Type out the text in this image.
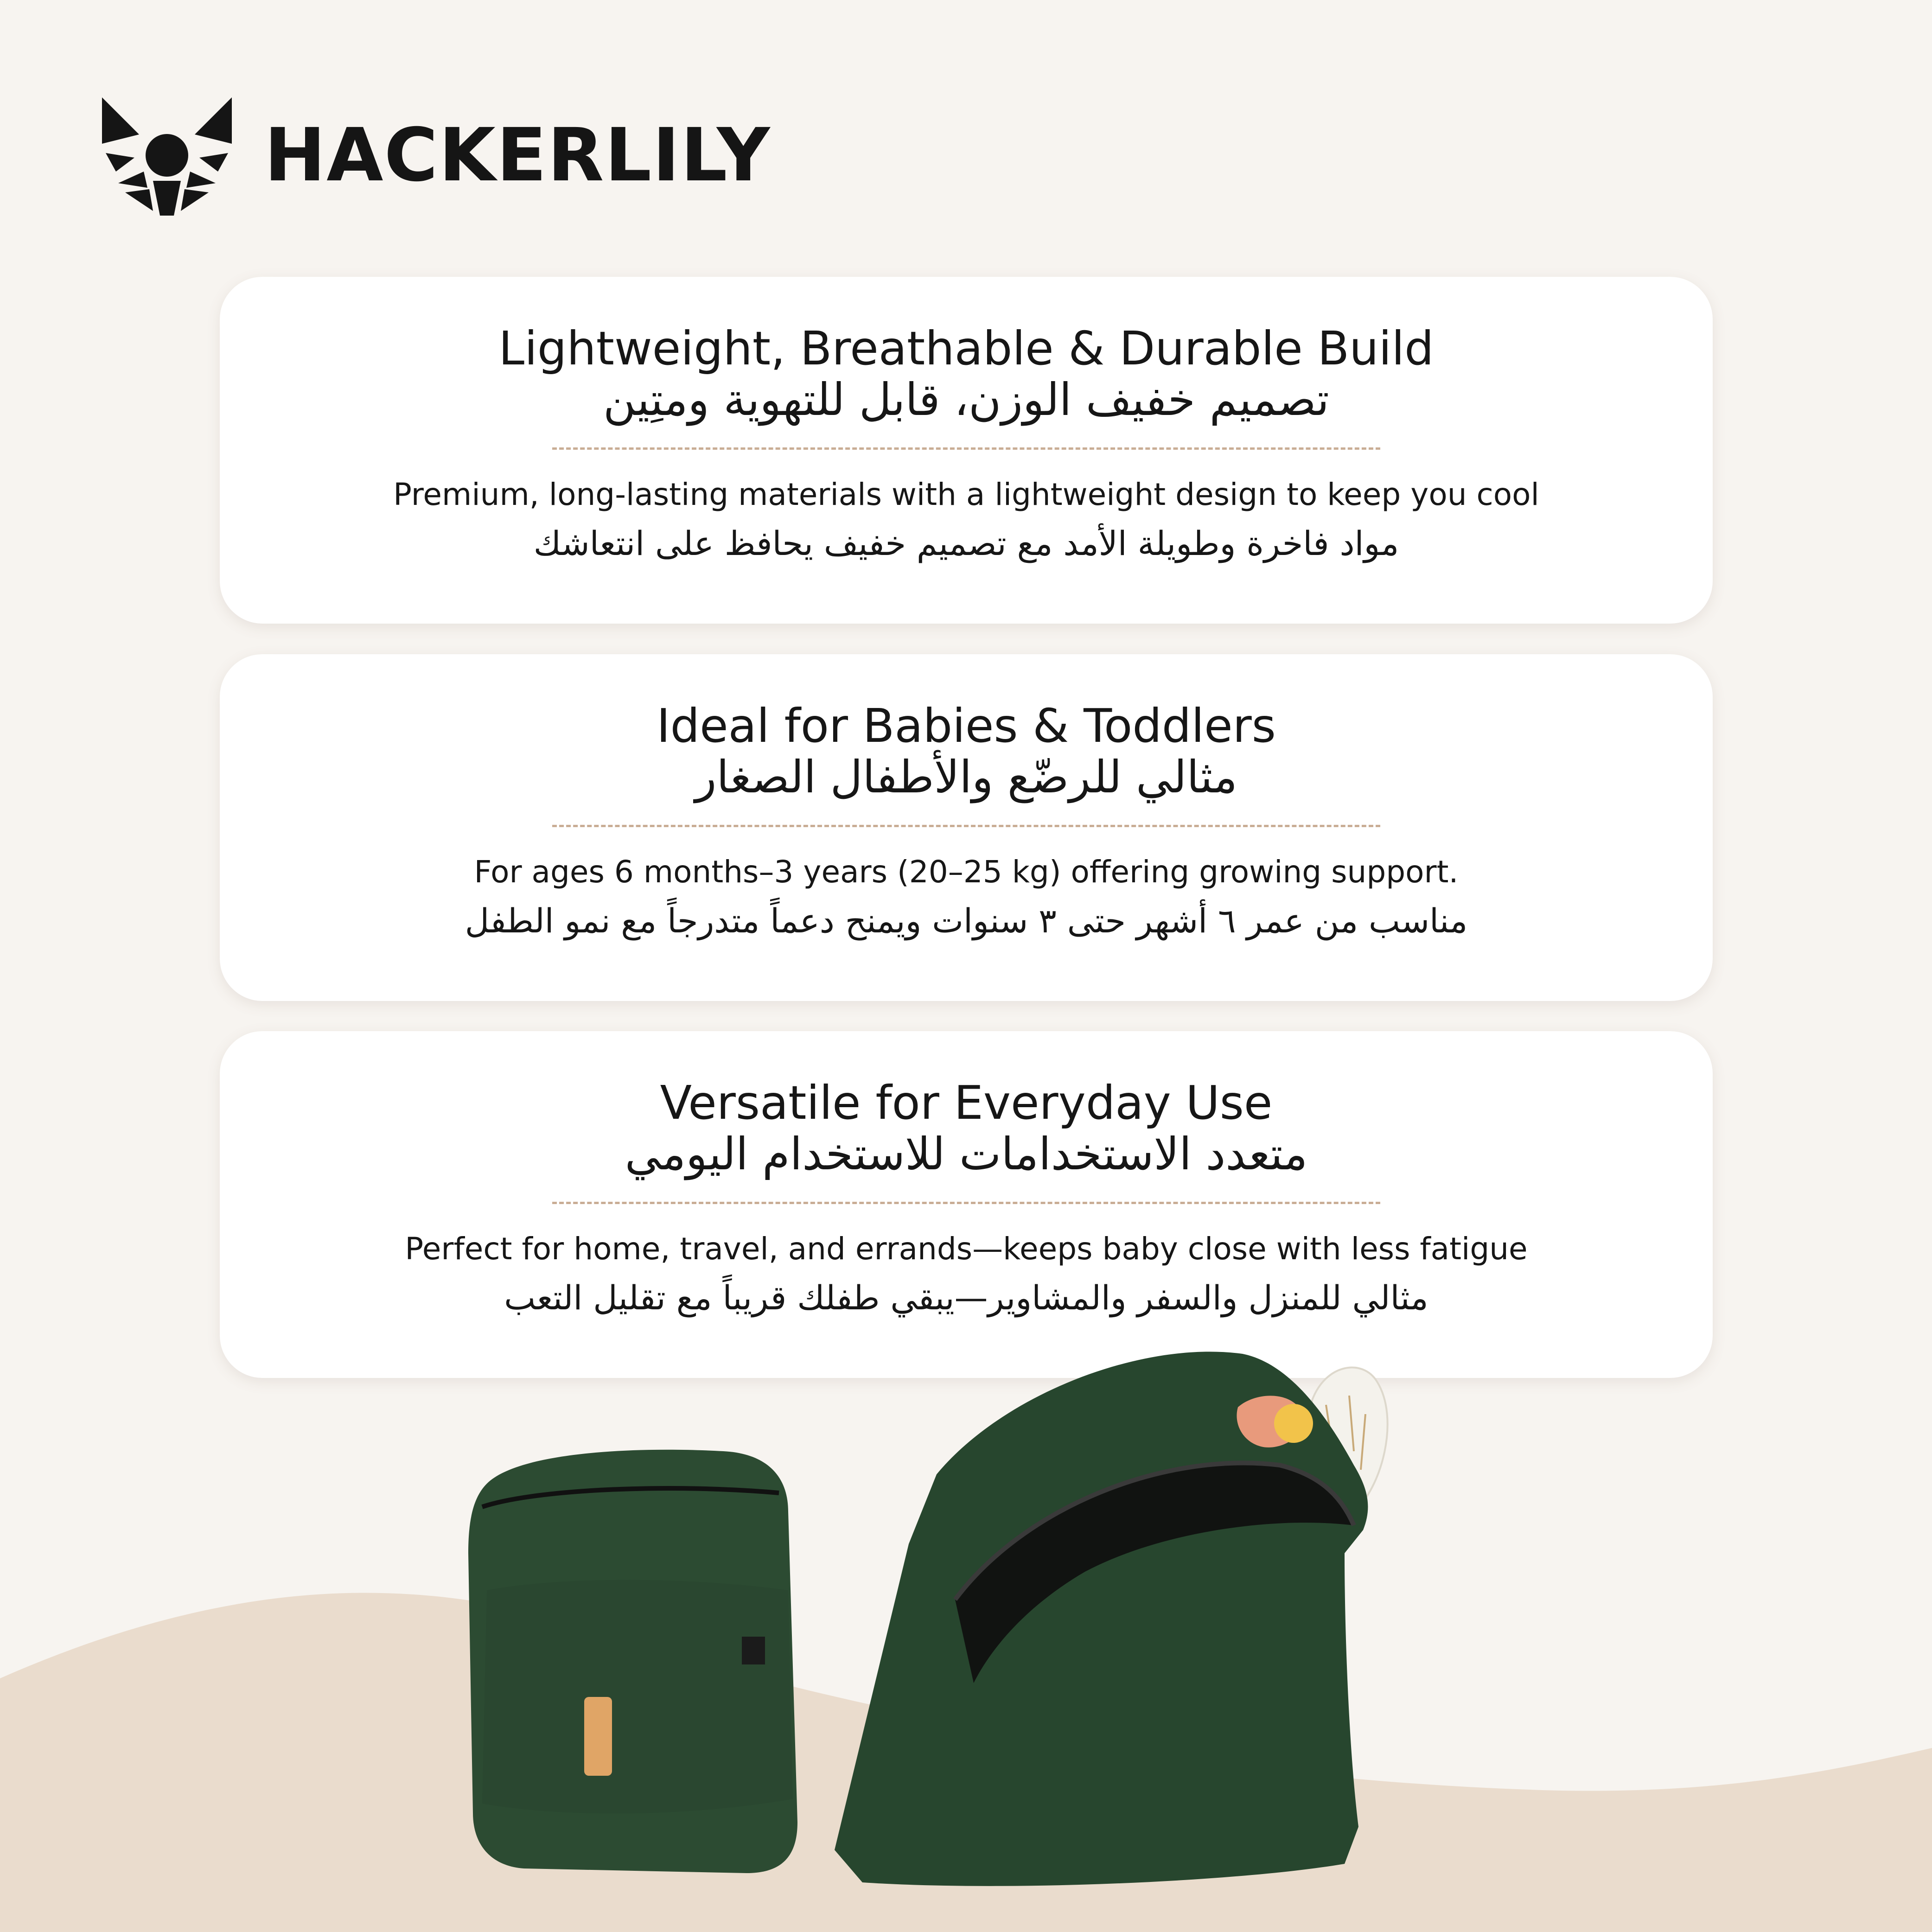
HACKERLILY
Lightweight, Breathable & Durable Build
تصميم خفيف الوزن، قابل للتهوية ومتِين
Premium, long-lasting materials with a lightweight design to keep you cool
مواد فاخرة وطويلة الأمد مع تصميم خفيف يحافظ على انتعاشك
Ideal for Babies & Toddlers
مثالي للرضّع والأطفال الصغار
For ages 6 months–3 years (20–25 kg) offering growing support.
مناسب من عمر ٦ أشهر حتى ٣ سنوات ويمنح دعماً متدرجاً مع نمو الطفل
Versatile for Everyday Use
متعدد الاستخدامات للاستخدام اليومي
Perfect for home, travel, and errands—keeps baby close with less fatigue
مثالي للمنزل والسفر والمشاوير—يبقي طفلك قريباً مع تقليل التعب
